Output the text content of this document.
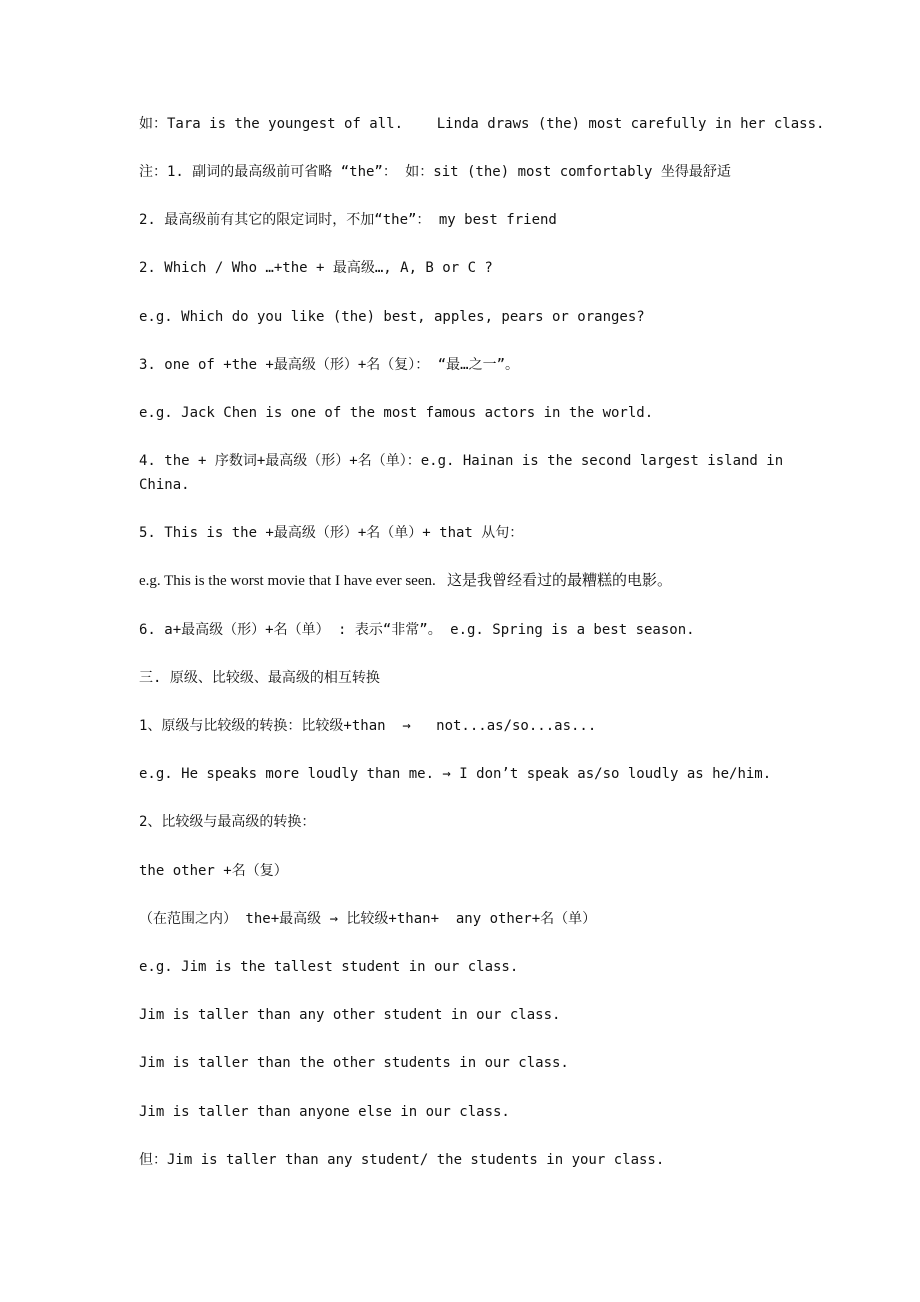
如：Tara is the youngest of all.    Linda draws (the) most carefully in her class.
注：1. 副词的最高级前可省略 “the”： 如：sit (the) most comfortably 坐得最舒适
2. 最高级前有其它的限定词时，不加“the”： my best friend
2. Which / Who …+the + 最高级…, A, B or C ?
e.g. Which do you like (the) best, apples, pears or oranges?
3. one of +the +最高级（形）+名（复）： “最…之一”。
e.g. Jack Chen is one of the most famous actors in the world.
4. the + 序数词+最高级（形）+名（单）：e.g. Hainan is the second largest island in
China.
5. This is the +最高级（形）+名（单）+ that 从句：
e.g. This is the worst movie that I have ever seen.   这是我曾经看过的最糟糕的电影。
6. a+最高级（形）+名（单） : 表示“非常”。 e.g. Spring is a best season.
三. 原级、比较级、最高级的相互转换
1、原级与比较级的转换：比较级+than  →   not...as/so...as...
e.g. He speaks more loudly than me. → I don’t speak as/so loudly as he/him.
2、比较级与最高级的转换：
the other +名（复）
（在范围之内） the+最高级 → 比较级+than+  any other+名（单）
e.g. Jim is the tallest student in our class.
Jim is taller than any other student in our class.
Jim is taller than the other students in our class.
Jim is taller than anyone else in our class.
但：Jim is taller than any student/ the students in your class.
